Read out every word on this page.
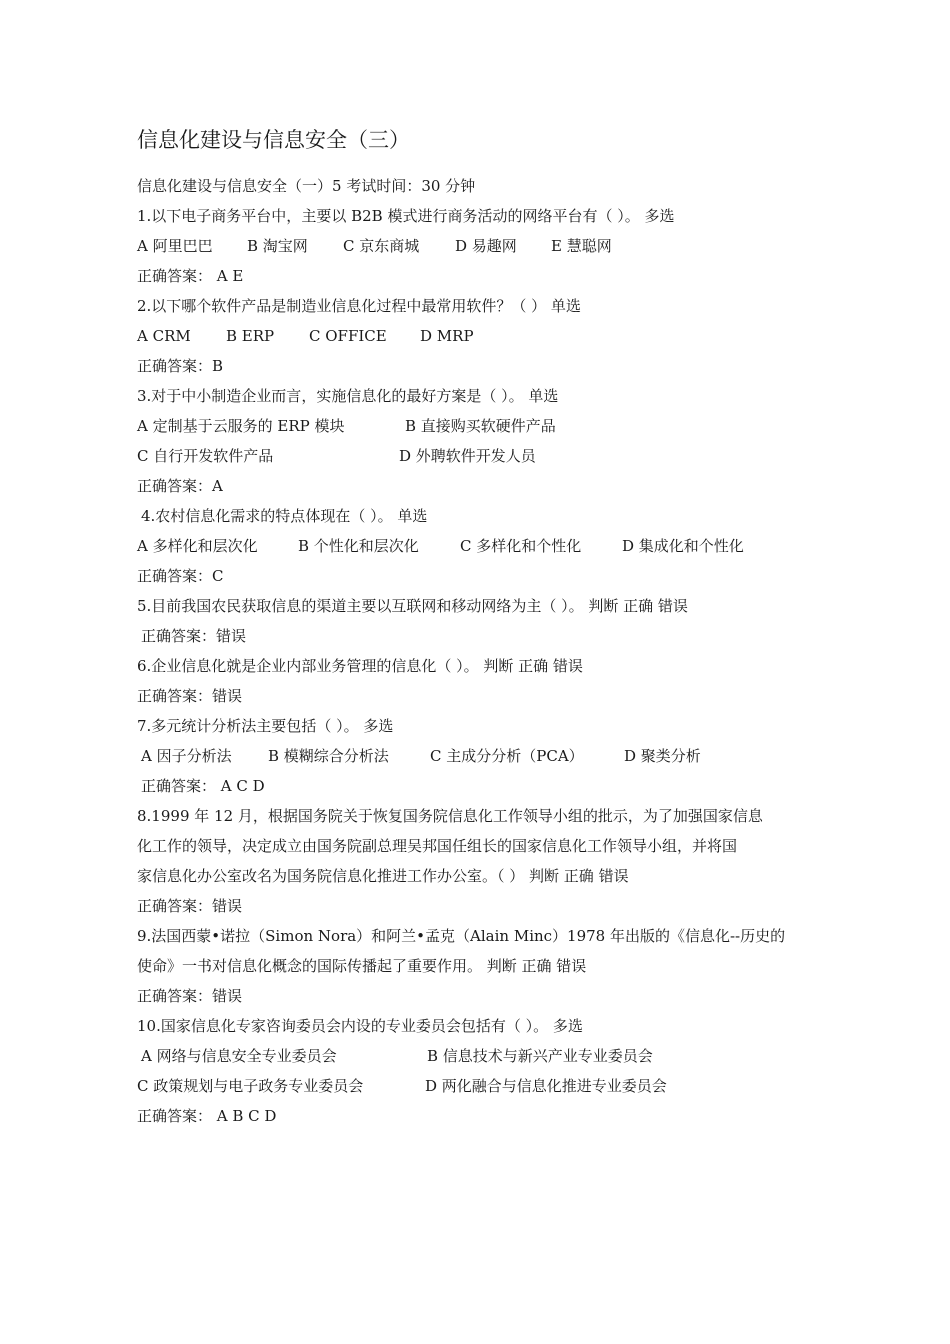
信息化建设与信息安全（三）
信息化建设与信息安全（一）5 考试时间：30 分钟
1.以下电子商务平台中，主要以 B2B 模式进行商务活动的网络平台有（ ）。 多选
A 阿里巴巴 B 淘宝网 C 京东商城 D 易趣网 E 慧聪网
正确答案： A E
2.以下哪个软件产品是制造业信息化过程中最常用软件？（ ） 单选
A CRM B ERP C OFFICE D MRP
正确答案：B
3.对于中小制造企业而言，实施信息化的最好方案是（ ）。 单选
A 定制基于云服务的 ERP 模块	B 直接购买软硬件产品
C 自行开发软件产品	D 外聘软件开发人员
正确答案：A
4.农村信息化需求的特点体现在（ ）。 单选
A 多样化和层次化	B 个性化和层次化	C 多样化和个性化	D 集成化和个性化
正确答案：C
5.目前我国农民获取信息的渠道主要以互联网和移动网络为主（ ）。 判断 正确 错误
正确答案：错误
6.企业信息化就是企业内部业务管理的信息化（ ）。 判断 正确 错误
正确答案：错误
7.多元统计分析法主要包括（ ）。 多选
A 因子分析法 B 模糊综合分析法	C 主成分分析（PCA）	D 聚类分析
正确答案： A C D
8.1999 年 12 月，根据国务院关于恢复国务院信息化工作领导小组的批示，为了加强国家信息
化工作的领导，决定成立由国务院副总理吴邦国任组长的国家信息化工作领导小组，并将国
家信息化办公室改名为国务院信息化推进工作办公室。（ ） 判断 正确 错误
正确答案：错误
9.法国西蒙•诺拉（Simon Nora）和阿兰•孟克（Alain Minc）1978 年出版的《信息化--历史的
使命》一书对信息化概念的国际传播起了重要作用。 判断 正确 错误
正确答案：错误
10.国家信息化专家咨询委员会内设的专业委员会包括有（ ）。 多选
A 网络与信息安全专业委员会	B 信息技术与新兴产业专业委员会
C 政策规划与电子政务专业委员会	D 两化融合与信息化推进专业委员会
正确答案： A B C D
